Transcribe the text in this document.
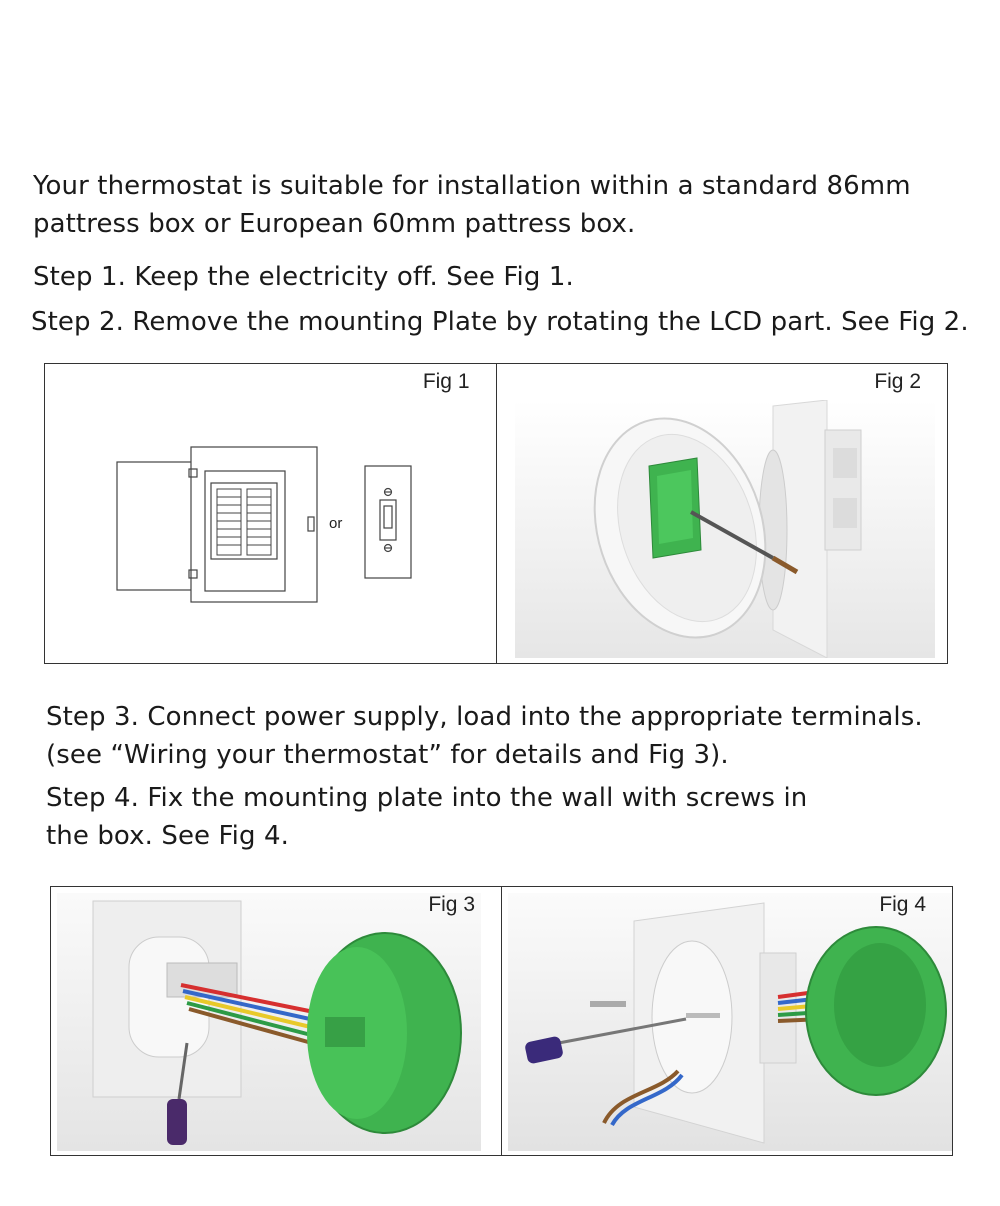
Your thermostat is suitable for installation within a standard 86mm
pattress box or European 60mm pattress box.
Step 1. Keep the electricity off. See Fig 1.
Step 2. Remove the mounting Plate by rotating the LCD part. See Fig 2.
Fig 1
or
Fig 2
Step 3. Connect power supply, load into the appropriate terminals.
(see “Wiring your thermostat” for details and Fig 3).
Step 4. Fix the mounting plate into the wall with screws in
the box. See Fig 4.
Fig 3	Fig 4
